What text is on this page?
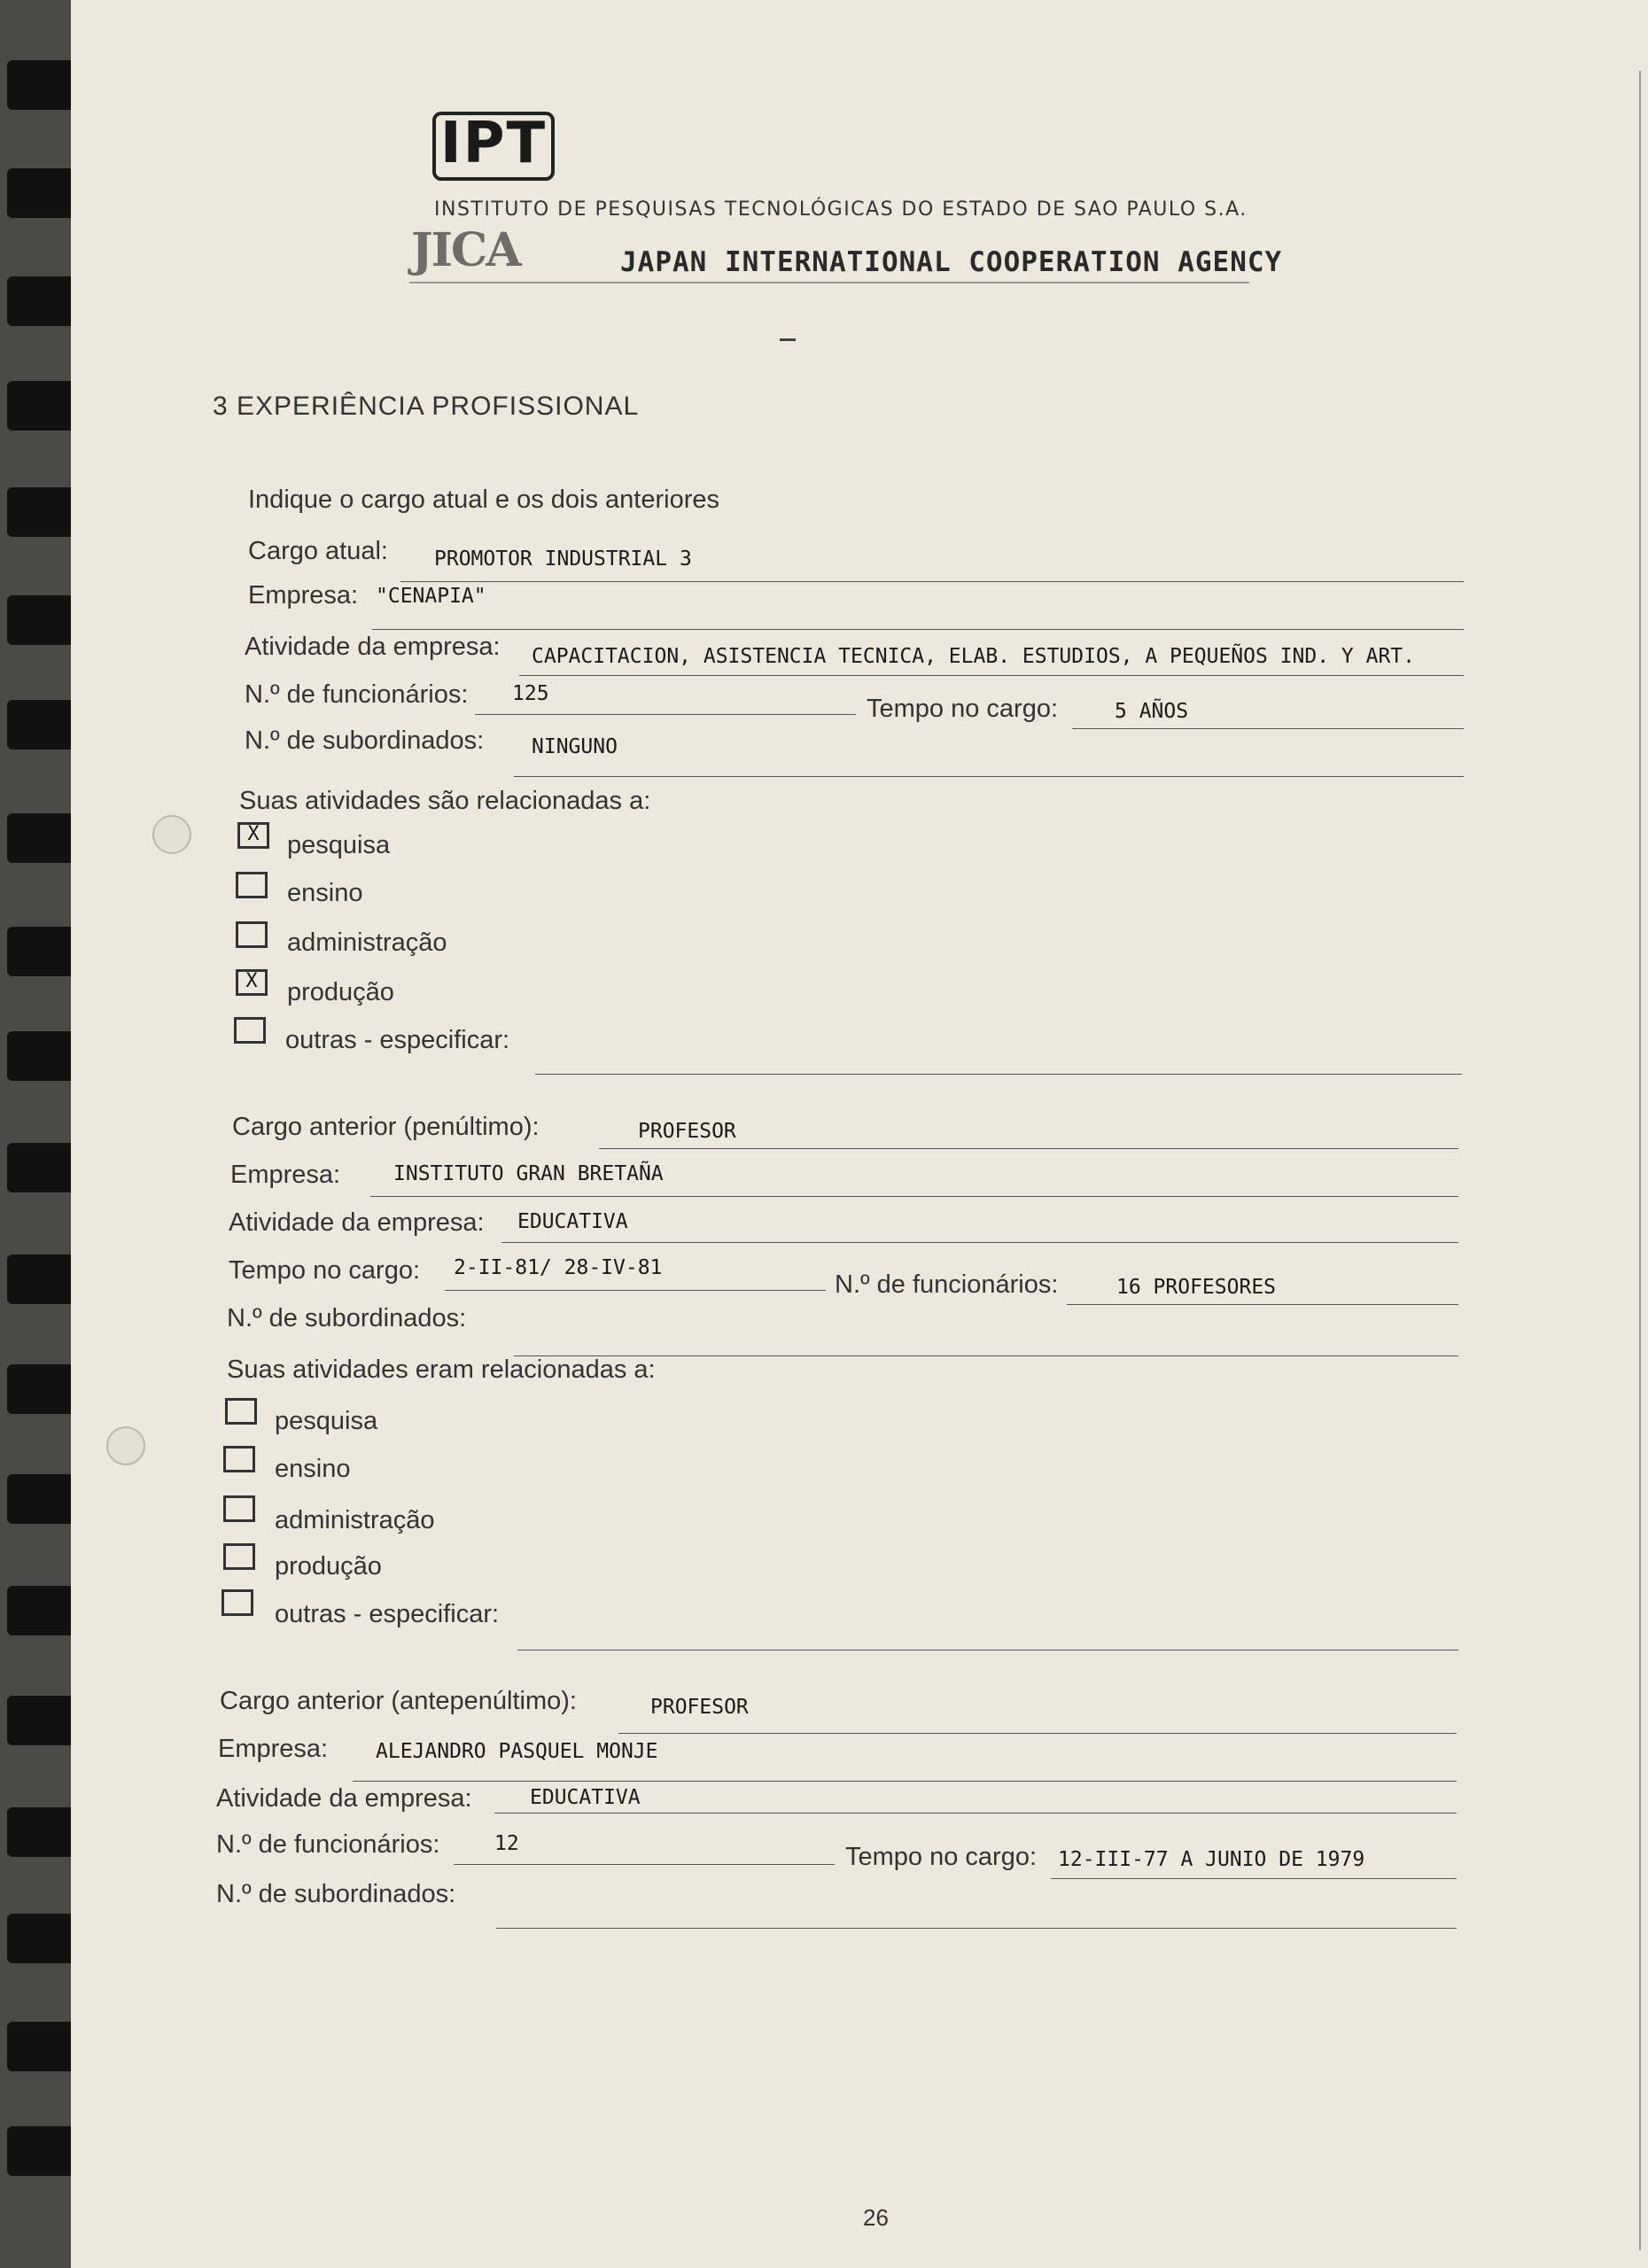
IPT
INSTITUTO DE PESQUISAS TECNOLÓGICAS DO ESTADO DE SAO PAULO S.A.
JICA	JAPAN INTERNATIONAL COOPERATION AGENCY
3 EXPERIÊNCIA PROFISSIONAL
Indique o cargo atual e os dois anteriores
Cargo atual: PROMOTOR INDUSTRIAL 3
Empresa: "CENAPIA"
Atividade da empresa: CAPACITACION, ASISTENCIA TECNICA, ELAB. ESTUDIOS, A PEQUEÑOS IND. Y ART.
N.º de funcionários: 125
Tempo no cargo:	5 AÑOS
N.º de subordinados: NINGUNO
Suas atividades são relacionadas a:
X	pesquisa
ensino
administração
X	produção
outras - especificar:
Cargo anterior (penúltimo):	PROFESOR
Empresa:	INSTITUTO GRAN BRETAÑA
Atividade da empresa: EDUCATIVA
Tempo no cargo: 2-II-81/ 28-IV-81
N.º de funcionários:	16 PROFESORES
N.º de subordinados:
Suas atividades eram relacionadas a:
pesquisa
ensino
administração
produção
outras - especificar:
Cargo anterior (antepenúltimo):	PROFESOR
Empresa: ALEJANDRO PASQUEL MONJE
Atividade da empresa:	EDUCATIVA
N.º de funcionários:	12	Tempo no cargo: 12-III-77 A JUNIO DE 1979
N.º de subordinados:
26
